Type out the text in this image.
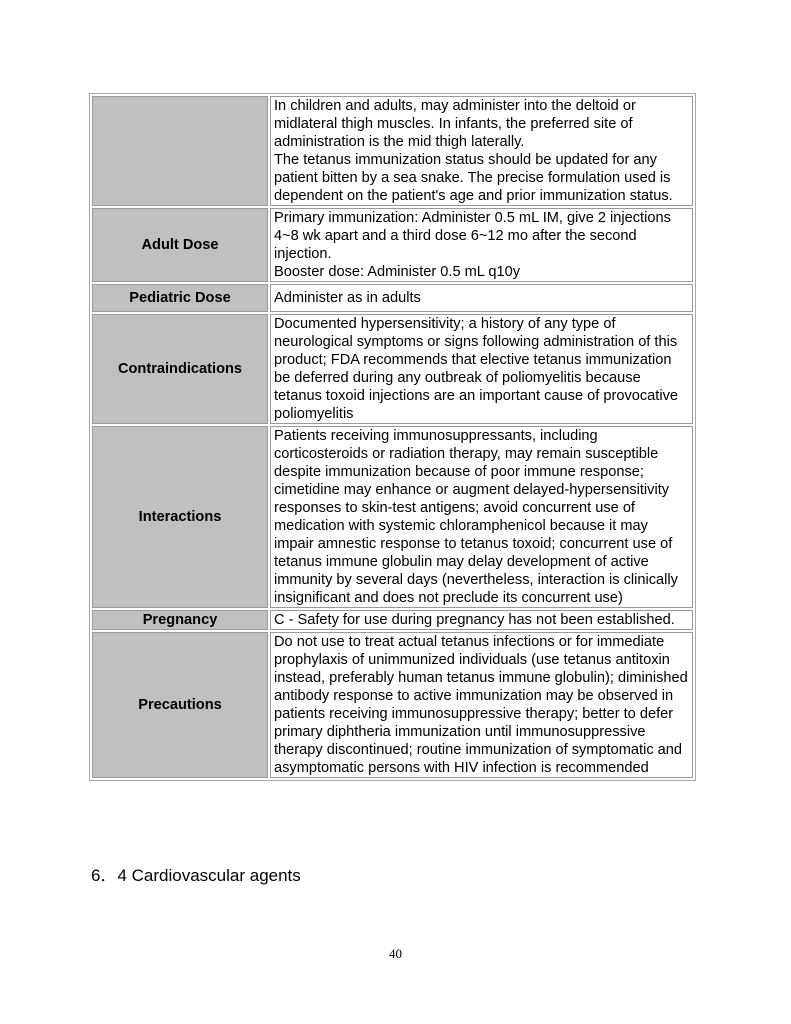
	In children and adults, may administer into the deltoid or midlateral thigh muscles. In infants, the preferred site of administration is the mid thigh laterally.
The tetanus immunization status should be updated for any patient bitten by a sea snake. The precise formulation used is dependent on the patient's age and prior immunization status.

Adult Dose	Primary immunization: Administer 0.5 mL IM, give 2 injections 4~8 wk apart and a third dose 6~12 mo after the second injection.
Booster dose: Administer 0.5 mL q10y

Pediatric Dose	Administer as in adults

Contraindications	Documented hypersensitivity; a history of any type of neurological symptoms or signs following administration of this product; FDA recommends that elective tetanus immunization be deferred during any outbreak of poliomyelitis because tetanus toxoid injections are an important cause of provocative poliomyelitis

Interactions	Patients receiving immunosuppressants, including corticosteroids or radiation therapy, may remain susceptible despite immunization because of poor immune response; cimetidine may enhance or augment delayed-hypersensitivity responses to skin-test antigens; avoid concurrent use of medication with systemic chloramphenicol because it may impair amnestic response to tetanus toxoid; concurrent use of tetanus immune globulin may delay development of active immunity by several days (nevertheless, interaction is clinically insignificant and does not preclude its concurrent use)

Pregnancy	C - Safety for use during pregnancy has not been established.

Precautions	Do not use to treat actual tetanus infections or for immediate prophylaxis of unimmunized individuals (use tetanus antitoxin instead, preferably human tetanus immune globulin); diminished antibody response to active immunization may be observed in patients receiving immunosuppressive therapy; better to defer primary diphtheria immunization until immunosuppressive therapy discontinued; routine immunization of symptomatic and asymptomatic persons with HIV infection is recommended
6．4 Cardiovascular agents
40
